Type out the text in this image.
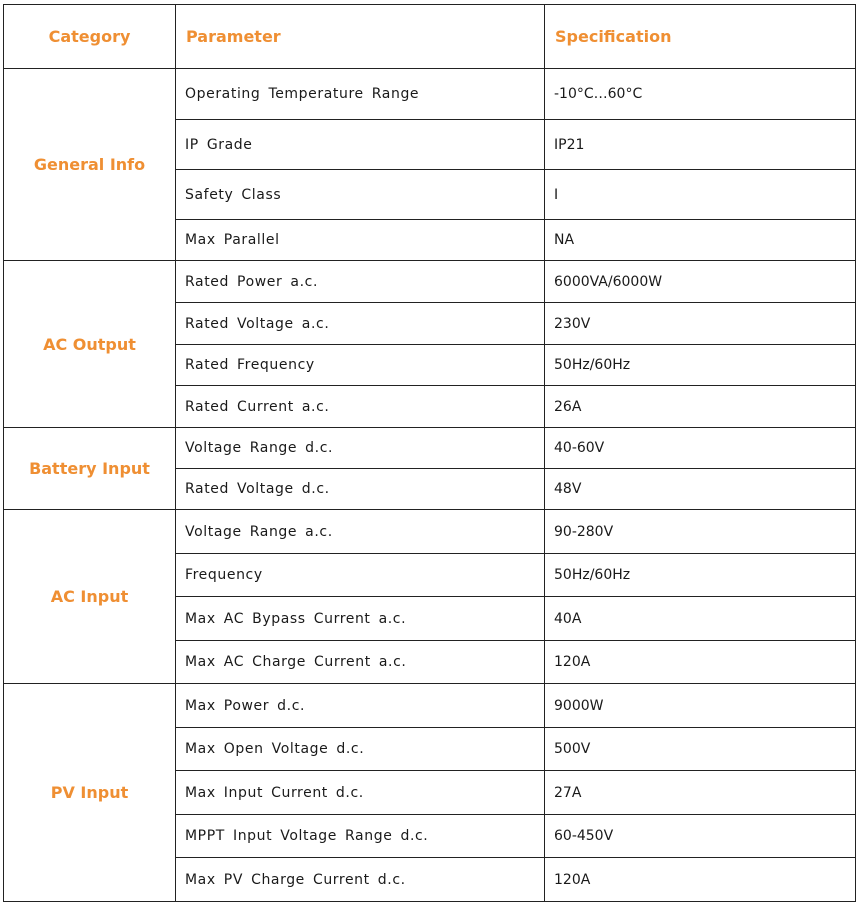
Category	Parameter	Specification
General Info	Operating Temperature Range	-10°C…60°C
	IP Grade	IP21
	Safety Class	I
	Max Parallel	NA
AC Output	Rated Power a.c.	6000VA/6000W
	Rated Voltage a.c.	230V
	Rated Frequency	50Hz/60Hz
	Rated Current a.c.	26A
Battery Input	Voltage Range d.c.	40-60V
	Rated Voltage d.c.	48V
AC Input	Voltage Range a.c.	90-280V
	Frequency	50Hz/60Hz
	Max AC Bypass Current a.c.	40A
	Max AC Charge Current a.c.	120A
PV Input	Max Power d.c.	9000W
	Max Open Voltage d.c.	500V
	Max Input Current d.c.	27A
	MPPT Input Voltage Range d.c.	60-450V
	Max PV Charge Current d.c.	120A
